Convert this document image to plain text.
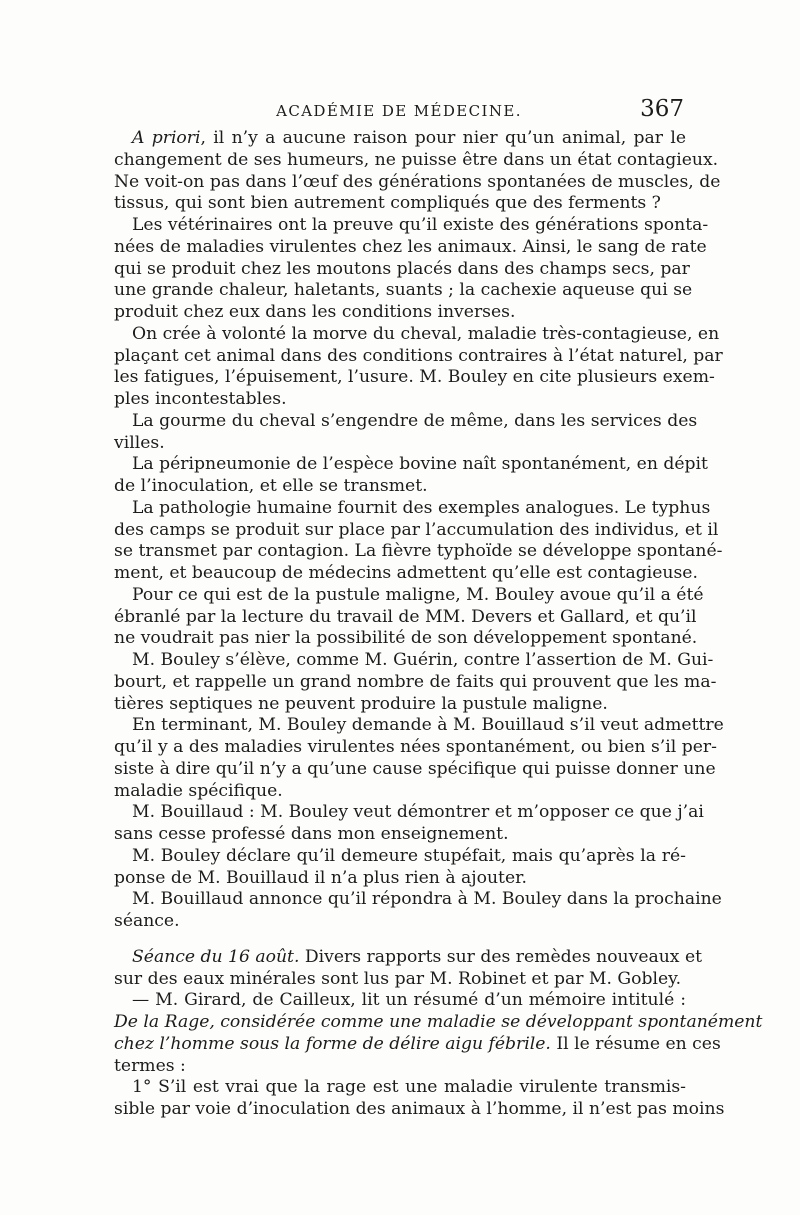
ACADÉMIE DE MÉDECINE.	367
A priori, il n’y a aucune raison pour nier qu’un animal, par le
changement de ses humeurs, ne puisse être dans un état contagieux.
Ne voit-on pas dans l’œuf des générations spontanées de muscles, de
tissus, qui sont bien autrement compliqués que des ferments ?
Les vétérinaires ont la preuve qu’il existe des générations sponta-
nées de maladies virulentes chez les animaux. Ainsi, le sang de rate
qui se produit chez les moutons placés dans des champs secs, par
une grande chaleur, haletants, suants ; la cachexie aqueuse qui se
produit chez eux dans les conditions inverses.
On crée à volonté la morve du cheval, maladie très-contagieuse, en
plaçant cet animal dans des conditions contraires à l’état naturel, par
les fatigues, l’épuisement, l’usure. M. Bouley en cite plusieurs exem-
ples incontestables.
La gourme du cheval s’engendre de même, dans les services des
villes.
La péripneumonie de l’espèce bovine naît spontanément, en dépit
de l’inoculation, et elle se transmet.
La pathologie humaine fournit des exemples analogues. Le typhus
des camps se produit sur place par l’accumulation des individus, et il
se transmet par contagion. La fièvre typhoïde se développe spontané-
ment, et beaucoup de médecins admettent qu’elle est contagieuse.
Pour ce qui est de la pustule maligne, M. Bouley avoue qu’il a été
ébranlé par la lecture du travail de MM. Devers et Gallard, et qu’il
ne voudrait pas nier la possibilité de son développement spontané.
M. Bouley s’élève, comme M. Guérin, contre l’assertion de M. Gui-
bourt, et rappelle un grand nombre de faits qui prouvent que les ma-
tières septiques ne peuvent produire la pustule maligne.
En terminant, M. Bouley demande à M. Bouillaud s’il veut admettre
qu’il y a des maladies virulentes nées spontanément, ou bien s’il per-
siste à dire qu’il n’y a qu’une cause spécifique qui puisse donner une
maladie spécifique.
M. Bouillaud : M. Bouley veut démontrer et m’opposer ce que j’ai
sans cesse professé dans mon enseignement.
M. Bouley déclare qu’il demeure stupéfait, mais qu’après la ré-
ponse de M. Bouillaud il n’a plus rien à ajouter.
M. Bouillaud annonce qu’il répondra à M. Bouley dans la prochaine
séance.
Séance du 16 août. Divers rapports sur des remèdes nouveaux et
sur des eaux minérales sont lus par M. Robinet et par M. Gobley.
— M. Girard, de Cailleux, lit un résumé d’un mémoire intitulé :
De la Rage, considérée comme une maladie se développant spontanément
chez l’homme sous la forme de délire aigu fébrile. Il le résume en ces
termes :
1° S’il est vrai que la rage est une maladie virulente transmis-
sible par voie d’inoculation des animaux à l’homme, il n’est pas moins
